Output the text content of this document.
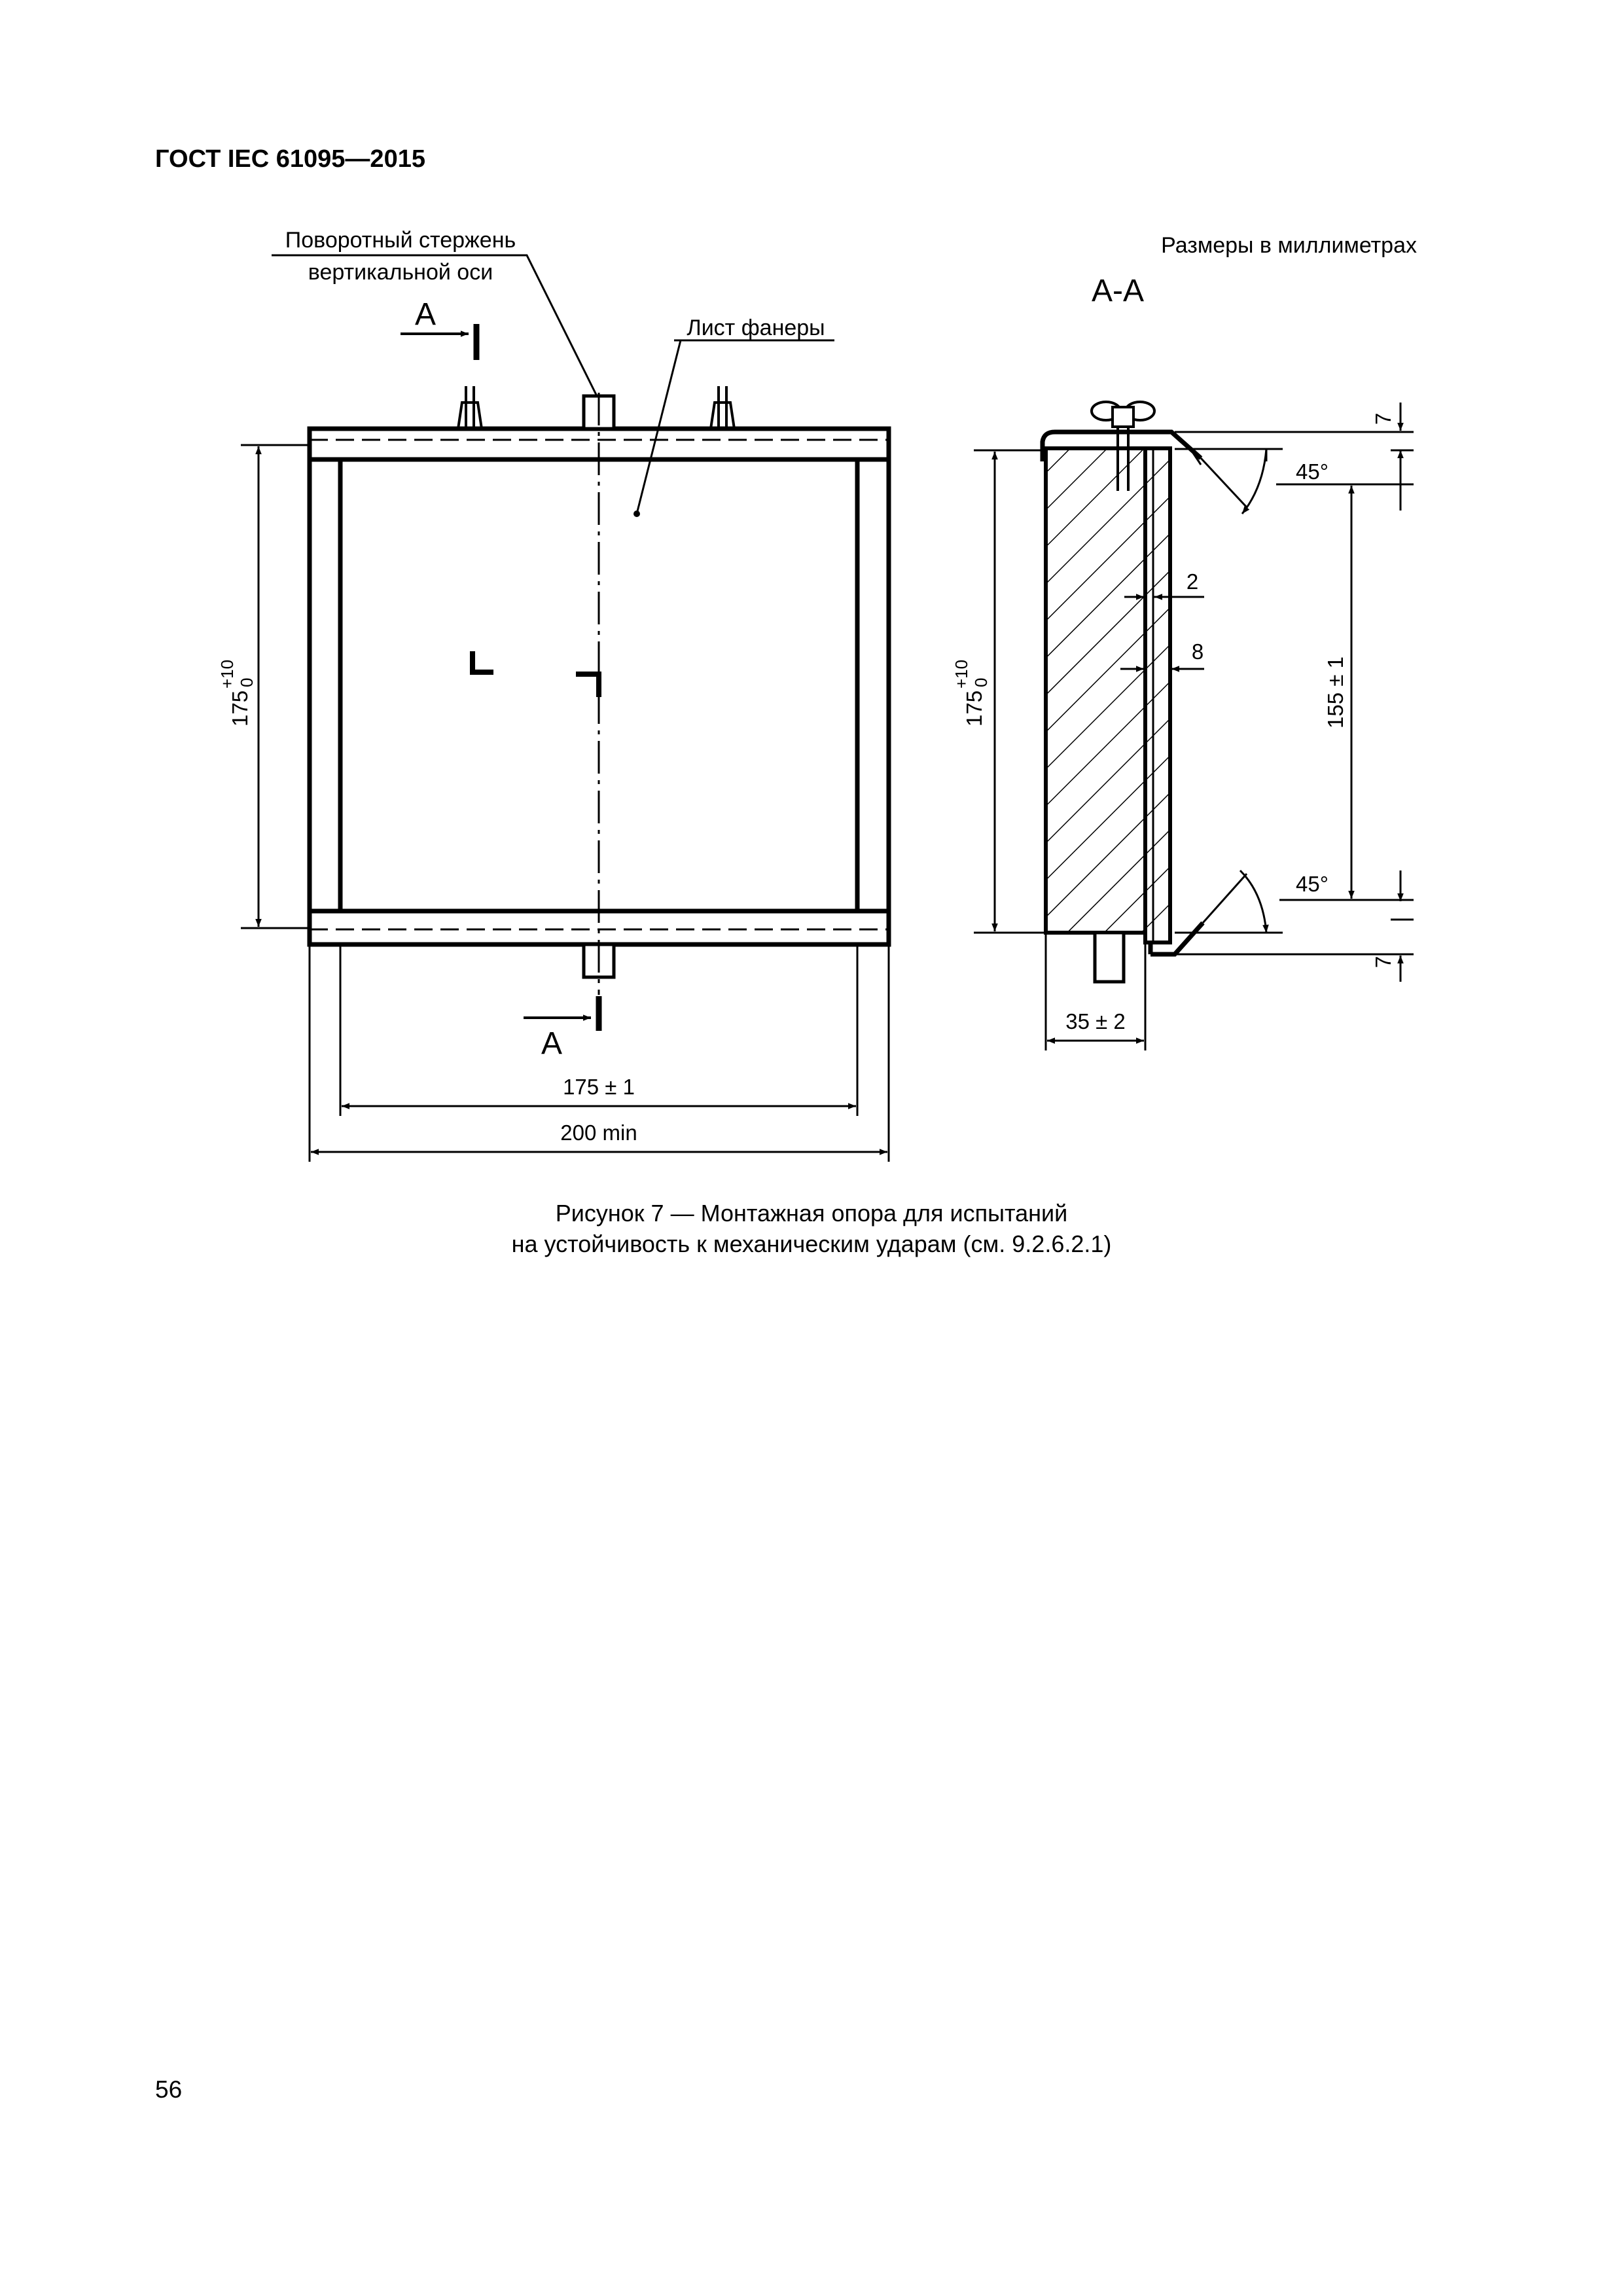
ГОСТ IEC 61095—2015
А
А
Поворотный стержень
вертикальной оси
Лист фанеры
175
+10 0
175 ± 1
200 min
Размеры в миллиметрах
А-А
175
+10 0
35 ± 2
2
8
155 ± 1
7
7
45°
45°
Рисунок 7 — Монтажная опора для испытаний
на устойчивость к механическим ударам (см. 9.2.6.2.1)
56
